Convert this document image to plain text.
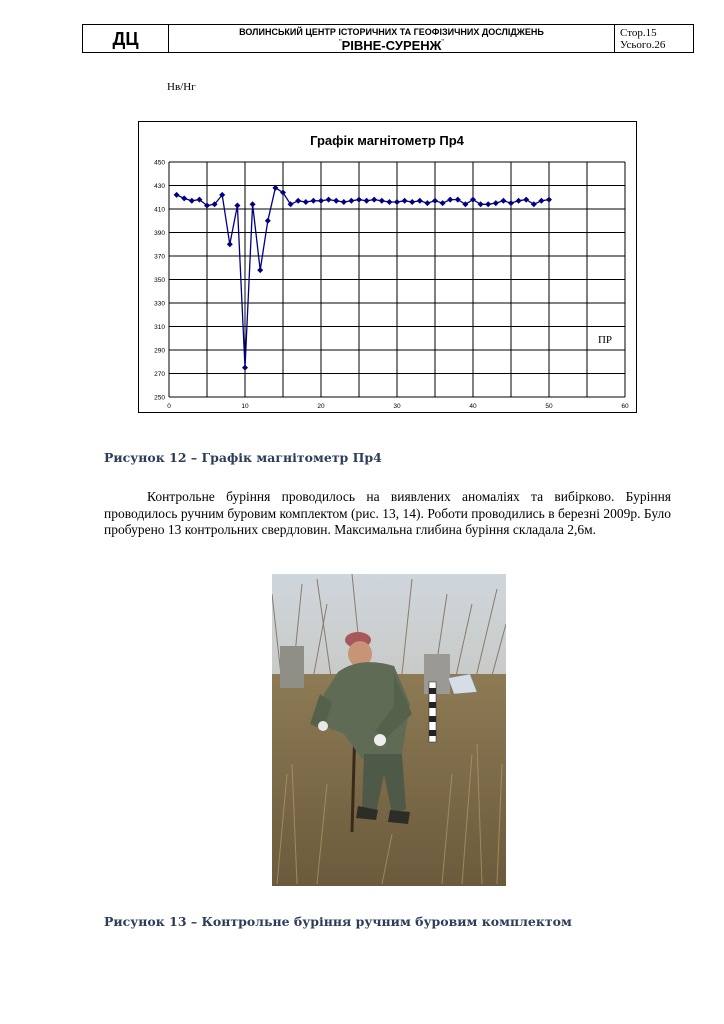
ДЦ	ВОЛИНСЬКИЙ ЦЕНТР ІСТОРИЧНИХ ТА ГЕОФІЗИЧНИХ ДОСЛІДЖЕНЬ
"РІВНЕ-СУРЕНЖ"
Стор.15
Усього.26
Нв/Нг
250
270
290
310
330
350
370
390
410
430
450
0	10	20	30	40	50	60
Графік магнітометр Пр4
ПР
Рисунок 12 – Графік магнітометр Пр4
Контрольне буріння проводилось на виявлених аномаліях та вибірково. Буріння проводилось ручним буровим комплектом (рис. 13, 14). Роботи проводились в березні 2009р. Було пробурено 13 контрольних свердловин. Максимальна глибина буріння складала 2,6м.
Рисунок 13 – Контрольне буріння ручним буровим комплектом
